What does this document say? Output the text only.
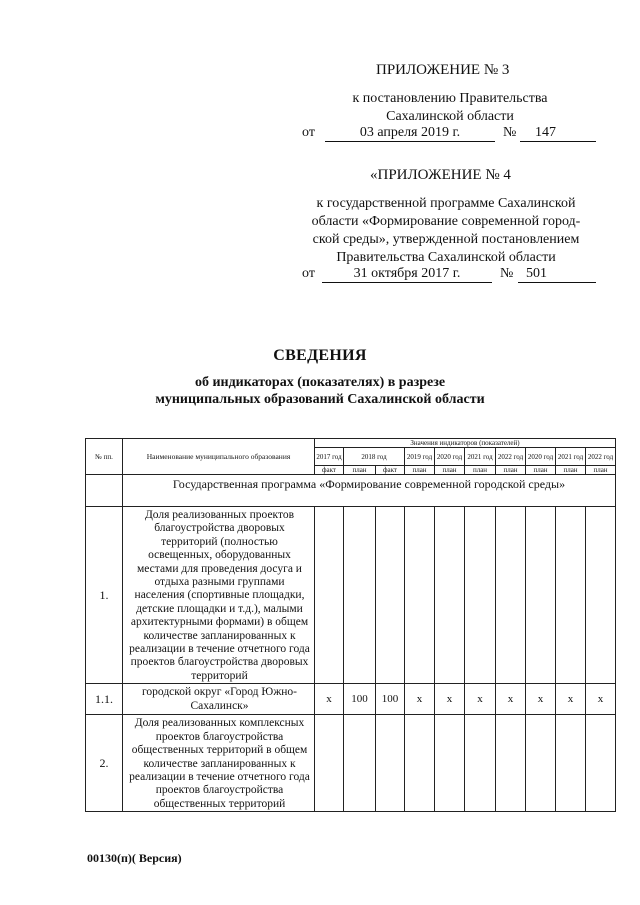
ПРИЛОЖЕНИЕ № 3
к постановлению Правительства
Сахалинской области
от	03 апреля 2019 г.	№ 147
«ПРИЛОЖЕНИЕ № 4
к государственной программе Сахалинской
области «Формирование современной город-
ской среды», утвержденной постановлением
Правительства Сахалинской области
от	31 октября 2017 г.	№ 501
СВЕДЕНИЯ
об индикаторах (показателях) в разрезе
муниципальных образований Сахалинской области
№ пп.	Наименование муниципального образования	Значения индикаторов (показателей)									
		2017 год	2018 год		2019 год	2020 год	2021 год	2022 год	2020 год	2021 год	2022 год
		факт	план	факт	план	план	план	план	план	план	план
	Государственная программа «Формирование современной городской среды»										
1.	Доля реализованных проектов благоустройства дворовых территорий (полностью освещенных, оборудованных местами для проведения досуга и отдыха разными группами населения (спортивные площадки, детские площадки и т.д.), малыми архитектурными формами) в общем количестве запланированных к реализации в течение отчетного года проектов благоустройства дворовых территорий										
1.1.	городской округ «Город Южно-Сахалинск»	x	100	100	x	x	x	x	x	x	x
2.	Доля реализованных комплексных проектов благоустройства общественных территорий в общем количестве запланированных к реализации в течение отчетного года проектов благоустройства общественных территорий										
00130(п)( Версия)
